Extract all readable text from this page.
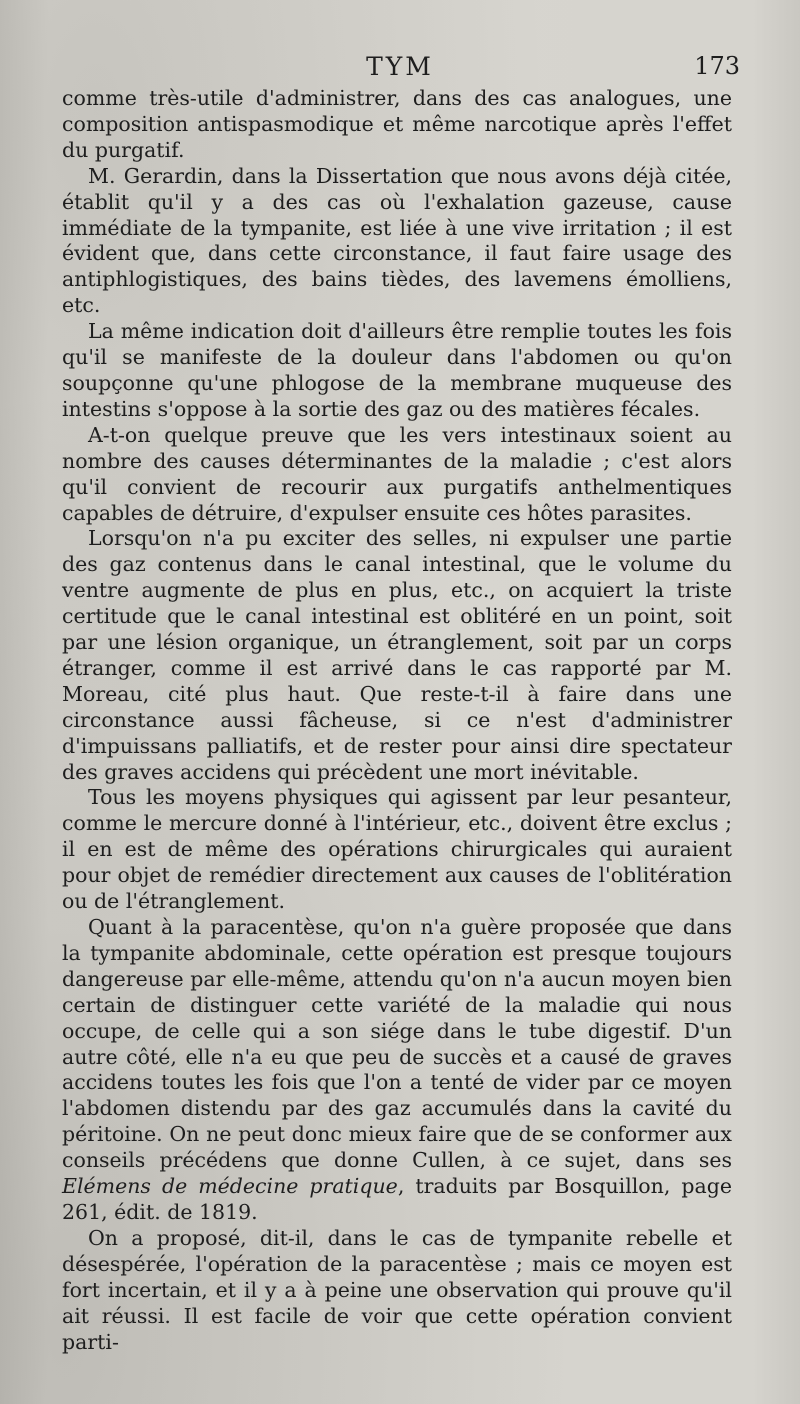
TYM	173

comme très-utile d'administrer, dans des cas analogues, une composition antispasmodique et même narcotique après l'effet du purgatif.

M. Gerardin, dans la Dissertation que nous avons déjà citée, établit qu'il y a des cas où l'exhalation gazeuse, cause immédiate de la tympanite, est liée à une vive irritation ; il est évident que, dans cette circonstance, il faut faire usage des antiphlogistiques, des bains tièdes, des lavemens émolliens, etc.

La même indication doit d'ailleurs être remplie toutes les fois qu'il se manifeste de la douleur dans l'abdomen ou qu'on soupçonne qu'une phlogose de la membrane muqueuse des intestins s'oppose à la sortie des gaz ou des matières fécales.

A-t-on quelque preuve que les vers intestinaux soient au nombre des causes déterminantes de la maladie ; c'est alors qu'il convient de recourir aux purgatifs anthelmentiques capables de détruire, d'expulser ensuite ces hôtes parasites.

Lorsqu'on n'a pu exciter des selles, ni expulser une partie des gaz contenus dans le canal intestinal, que le volume du ventre augmente de plus en plus, etc., on acquiert la triste certitude que le canal intestinal est oblitéré en un point, soit par une lésion organique, un étranglement, soit par un corps étranger, comme il est arrivé dans le cas rapporté par M. Moreau, cité plus haut. Que reste-t-il à faire dans une circonstance aussi fâcheuse, si ce n'est d'administrer d'impuissans palliatifs, et de rester pour ainsi dire spectateur des graves accidens qui précèdent une mort inévitable.

Tous les moyens physiques qui agissent par leur pesanteur, comme le mercure donné à l'intérieur, etc., doivent être exclus ; il en est de même des opérations chirurgicales qui auraient pour objet de remédier directement aux causes de l'oblitération ou de l'étranglement.

Quant à la paracentèse, qu'on n'a guère proposée que dans la tympanite abdominale, cette opération est presque toujours dangereuse par elle-même, attendu qu'on n'a aucun moyen bien certain de distinguer cette variété de la maladie qui nous occupe, de celle qui a son siége dans le tube digestif. D'un autre côté, elle n'a eu que peu de succès et a causé de graves accidens toutes les fois que l'on a tenté de vider par ce moyen l'abdomen distendu par des gaz accumulés dans la cavité du péritoine. On ne peut donc mieux faire que de se conformer aux conseils précédens que donne Cullen, à ce sujet, dans ses Elémens de médecine pratique, traduits par Bosquillon, page 261, édit. de 1819.

On a proposé, dit-il, dans le cas de tympanite rebelle et désespérée, l'opération de la paracentèse ; mais ce moyen est fort incertain, et il y a à peine une observation qui prouve qu'il ait réussi. Il est facile de voir que cette opération convient parti-
